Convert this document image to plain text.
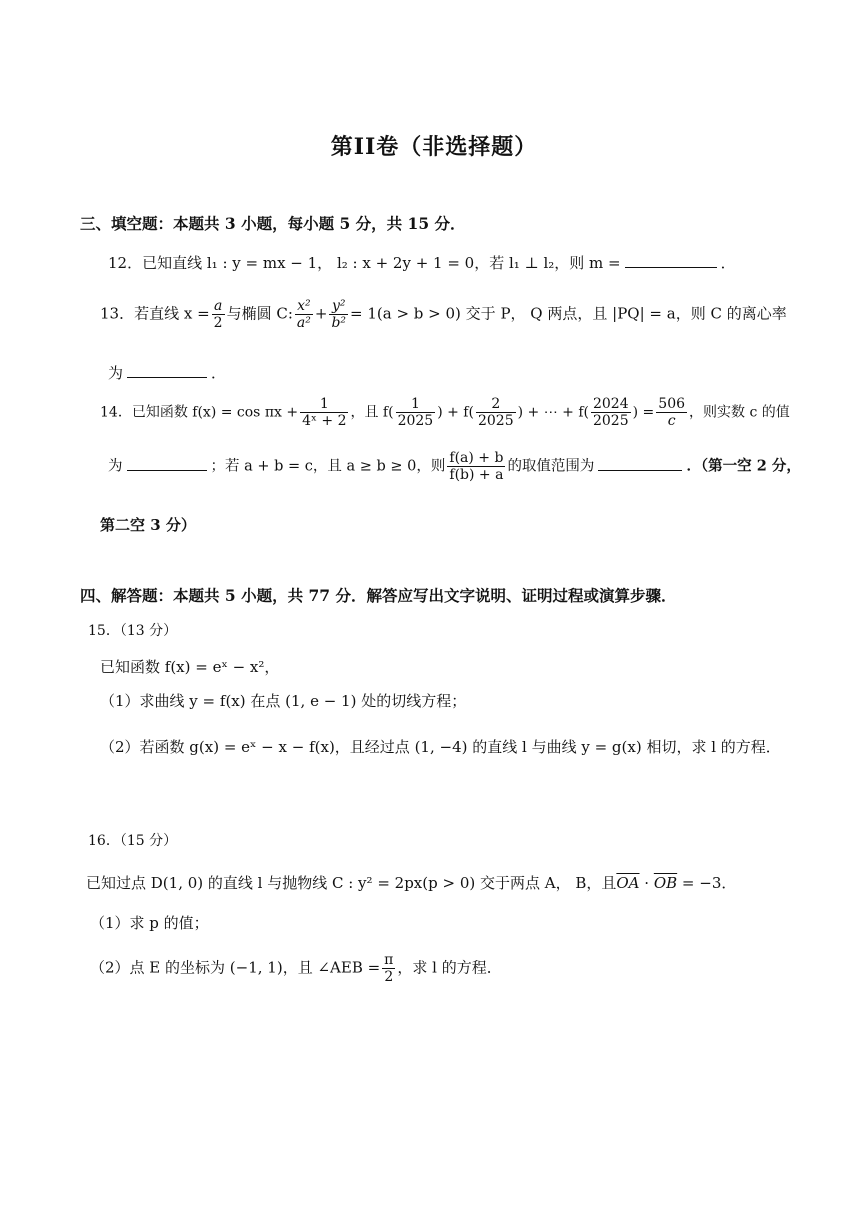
第II卷（非选择题）
三、填空题：本题共 3 小题，每小题 5 分，共 15 分．
12．已知直线 l₁ : y = mx − 1， l₂ : x + 2y + 1 = 0，若 l₁ ⊥ l₂，则 m =	．
13．若直线 $x = \frac{a}{2}$ 与椭圆 C: $\frac{\text{x²}}{\text{a²}} + \frac{\text{y²}}{\text{b²}} = 1(a > b > 0)$ 交于 P， Q 两点，且 |PQ| = a，则 C 的离心率
为	．
14．已知函数 $f(x) = \cos \pi x + \frac{1}{\text{4ˣ + 2}}$ ，且 $f( \frac{1}{2025}$ ) + $f( \frac{2}{2025}$ ) + ⋯ + $f( \frac{2024}{2025}$ ) = $\frac{506}{c}$ ，则实数 c 的值
为	；若 a + b = c，且 a ≥ b ≥ 0，则 $\frac{f(a) + b}{f(b) + a}$ 的取值范围为	．（第一空 2 分，
第二空 3 分）
四、解答题：本题共 5 小题，共 77 分．解答应写出文字说明、证明过程或演算步骤．
15．（13 分）
已知函数 f(x) = eˣ − x²，
（1）求曲线 y = f(x) 在点 (1, e − 1) 处的切线方程；
（2）若函数 g(x) = eˣ − x − f(x)，且经过点 (1, −4) 的直线 l 与曲线 y = g(x) 相切，求 l 的方程．
16．（15 分）
已知过点 D(1, 0) 的直线 l 与抛物线 C : y² = 2px(p > 0) 交于两点 A， B，且$\overline{OA} \cdot \overline{OB} = -3$．
（1）求 p 的值；
（2）点 E 的坐标为 (−1, 1)，且 ∠AEB = $\frac{\pi}{2}$ ，求 l 的方程．
